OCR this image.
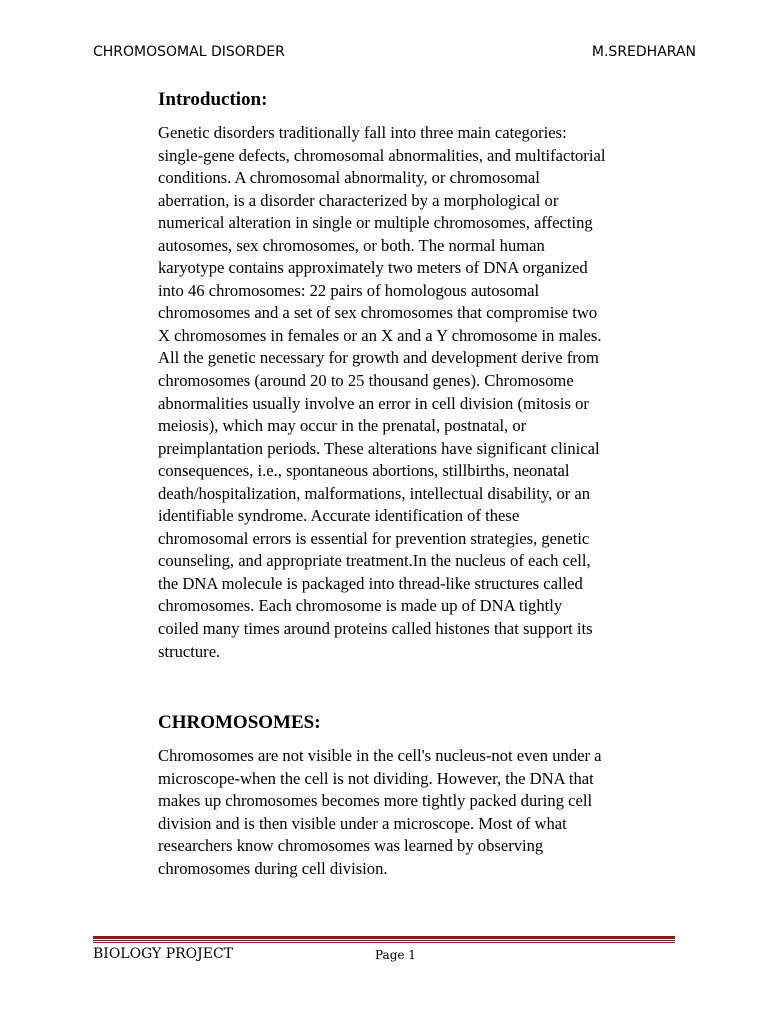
CHROMOSOMAL DISORDER	M.SREDHARAN
Introduction:
Genetic disorders traditionally fall into three main categories:
single-gene defects, chromosomal abnormalities, and multifactorial
conditions. A chromosomal abnormality, or chromosomal
aberration, is a disorder characterized by a morphological or
numerical alteration in single or multiple chromosomes, affecting
autosomes, sex chromosomes, or both. The normal human
karyotype contains approximately two meters of DNA organized
into 46 chromosomes: 22 pairs of homologous autosomal
chromosomes and a set of sex chromosomes that compromise two
X chromosomes in females or an X and a Y chromosome in males.
All the genetic necessary for growth and development derive from
chromosomes (around 20 to 25 thousand genes). Chromosome
abnormalities usually involve an error in cell division (mitosis or
meiosis), which may occur in the prenatal, postnatal, or
preimplantation periods. These alterations have significant clinical
consequences, i.e., spontaneous abortions, stillbirths, neonatal
death/hospitalization, malformations, intellectual disability, or an
identifiable syndrome. Accurate identification of these
chromosomal errors is essential for prevention strategies, genetic
counseling, and appropriate treatment.In the nucleus of each cell,
the DNA molecule is packaged into thread-like structures called
chromosomes. Each chromosome is made up of DNA tightly
coiled many times around proteins called histones that support its
structure.
CHROMOSOMES:
Chromosomes are not visible in the cell's nucleus-not even under a
microscope-when the cell is not dividing. However, the DNA that
makes up chromosomes becomes more tightly packed during cell
division and is then visible under a microscope. Most of what
researchers know chromosomes was learned by observing
chromosomes during cell division.
BIOLOGY PROJECT	Page 1
